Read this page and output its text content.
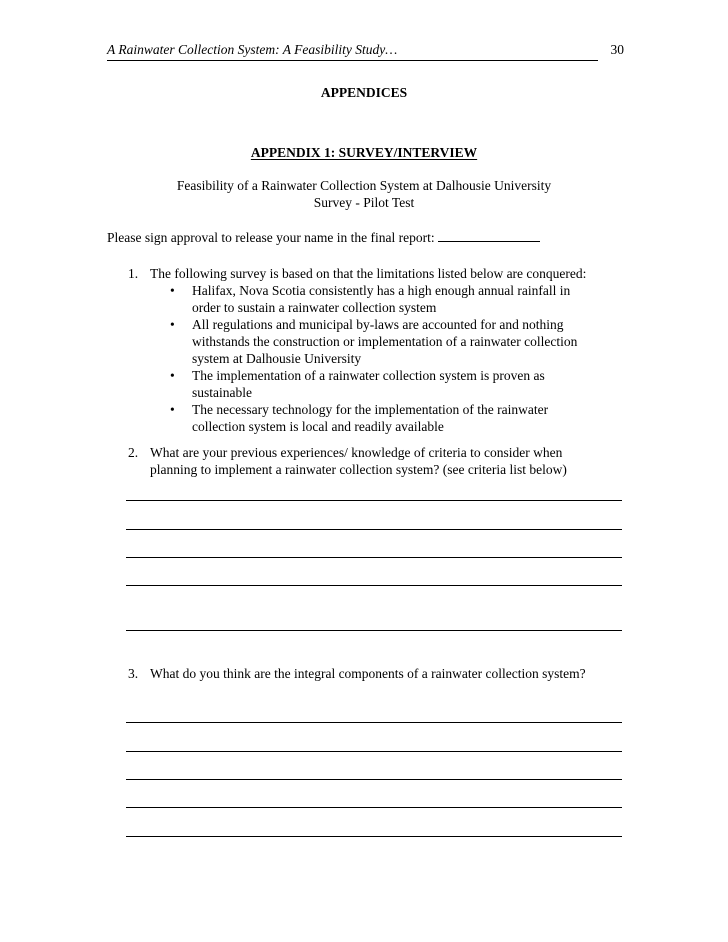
A Rainwater Collection System: A Feasibility Study…	30
APPENDICES
APPENDIX 1: SURVEY/INTERVIEW
Feasibility of a Rainwater Collection System at Dalhousie University
Survey - Pilot Test
Please sign approval to release your name in the final report:
1. The following survey is based on that the limitations listed below are conquered:

• Halifax, Nova Scotia consistently has a high enough annual rainfall in
order to sustain a rainwater collection system

• All regulations and municipal by-laws are accounted for and nothing
withstands the construction or implementation of a rainwater collection
system at Dalhousie University

• The implementation of a rainwater collection system is proven as
sustainable

• The necessary technology for the implementation of the rainwater
collection system is local and readily available

2. What are your previous experiences/ knowledge of criteria to consider when
planning to implement a rainwater collection system? (see criteria list below)
3. What do you think are the integral components of a rainwater collection system?
